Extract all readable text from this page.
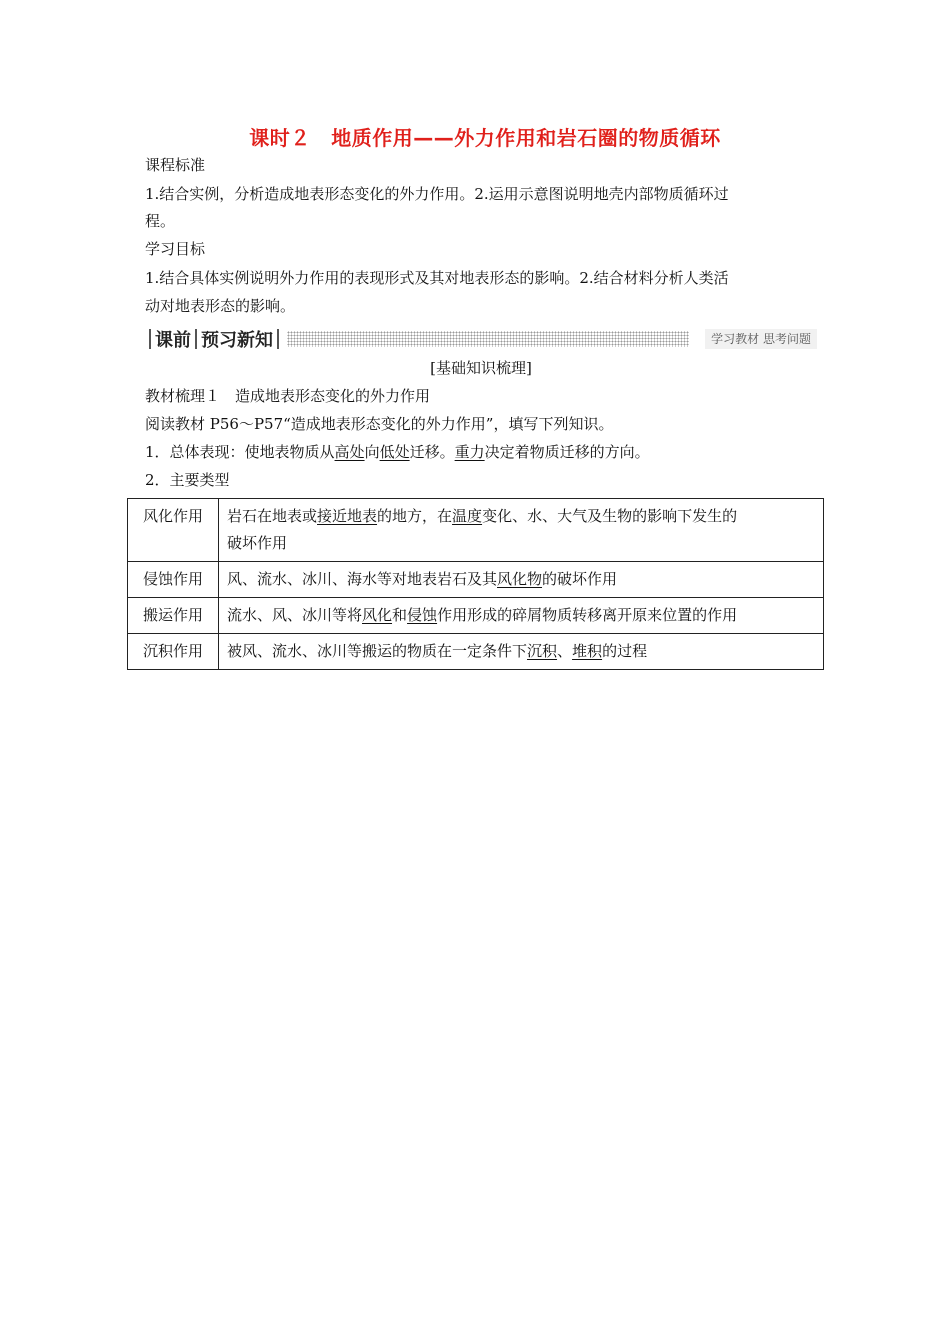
课时２　地质作用——外力作用和岩石圈的物质循环
课程标准
1.结合实例，分析造成地表形态变化的外力作用。2.运用示意图说明地壳内部物质循环过
程。
学习目标
1.结合具体实例说明外力作用的表现形式及其对地表形态的影响。2.结合材料分析人类活
动对地表形态的影响。
课前 预习新知	学习教材 思考问题
[基础知识梳理]
教材梳理１　造成地表形态变化的外力作用
阅读教材 P56～P57“造成地表形态变化的外力作用”，填写下列知识。
1．总体表现：使地表物质从高处向低处迁移。重力决定着物质迁移的方向。
2．主要类型
风化作用	岩石在地表或接近地表的地方，在温度变化、水、大气及生物的影响下发生的
破坏作用
侵蚀作用	风、流水、冰川、海水等对地表岩石及其风化物的破坏作用
搬运作用	流水、风、冰川等将风化和侵蚀作用形成的碎屑物质转移离开原来位置的作用
沉积作用	被风、流水、冰川等搬运的物质在一定条件下沉积、堆积的过程
